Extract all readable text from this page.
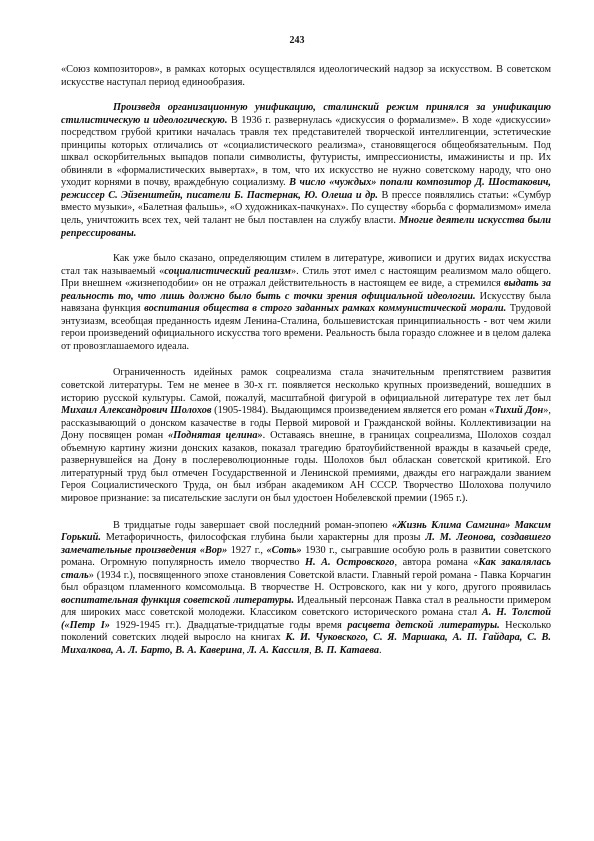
243

«Союз композиторов», в рамках которых осуществлялся идеологический надзор за искусством. В советском искусстве наступал период единообразия.

Произведя организационную унификацию, сталинский режим принялся за унификацию стилистическую и идеологическую. В 1936 г. развернулась «дискуссия о формализме». В ходе «дискуссии» посредством грубой критики началась травля тех представителей творческой интеллигенции, эстетические принципы которых отличались от «социалистического реализма», становящегося общеобязательным. Под шквал оскорбительных выпадов попали символисты, футуристы, импрессионисты, имажинисты и пр. Их обвиняли в «формалистических вывертах», в том, что их искусство не нужно советскому народу, что оно уходит корнями в почву, враждебную социализму. В число «чуждых» попали композитор Д. Шостакович, режиссер С. Эйзенштейн, писатели Б. Пастернак, Ю. Олеша и др. В прессе появлялись статьи: «Сумбур вместо музыки», «Балетная фальшь», «О художниках-пачкунах». По существу «борьба с формализмом» имела цель, уничтожить всех тех, чей талант не был поставлен на службу власти. Многие деятели искусства были репрессированы.

Как уже было сказано, определяющим стилем в литературе, живописи и других видах искусства стал так называемый «социалистический реализм». Стиль этот имел с настоящим реализмом мало общего. При внешнем «жизнеподобии» он не отражал действительность в настоящем ее виде, а стремился выдать за реальность то, что лишь должно было быть с точки зрения официальной идеологии. Искусству была навязана функция воспитания общества в строго заданных рамках коммунистической морали. Трудовой энтузиазм, всеобщая преданность идеям Ленина-Сталина, большевистская принципиальность - вот чем жили герои произведений официального искусства того времени. Реальность была гораздо сложнее и в целом далека от провозглашаемого идеала.

Ограниченность идейных рамок соцреализма стала значительным препятствием развития советской литературы. Тем не менее в 30-х гг. появляется несколько крупных произведений, вошедших в историю русской культуры. Самой, пожалуй, масштабной фигурой в официальной литературе тех лет был Михаил Александрович Шолохов (1905-1984). Выдающимся произведением является его роман «Тихий Дон», рассказывающий о донском казачестве в годы Первой мировой и Гражданской войны. Коллективизации на Дону посвящен роман «Поднятая целина». Оставаясь внешне, в границах соцреализма, Шолохов создал объемную картину жизни донских казаков, показал трагедию братоубийственной вражды в казачьей среде, развернувшейся на Дону в послереволюционные годы. Шолохов был обласкан советской критикой. Его литературный труд был отмечен Государственной и Ленинской премиями, дважды его награждали званием Героя Социалистического Труда, он был избран академиком АН СССР. Творчество Шолохова получило мировое признание: за писательские заслуги он был удостоен Нобелевской премии (1965 г.).

В тридцатые годы завершает свой последний роман-эпопею «Жизнь Клима Самгина» Максим Горький. Метафоричность, философская глубина были характерны для прозы Л. М. Леонова, создавшего замечательные произведения «Вор» 1927 г., «Соть» 1930 г., сыгравшие особую роль в развитии советского романа. Огромную популярность имело творчество Н. А. Островского, автора романа «Как закалялась сталь» (1934 г.), посвященного эпохе становления Советской власти. Главный герой романа - Павка Корчагин был образцом пламенного комсомольца. В творчестве Н. Островского, как ни у кого, другого проявилась воспитательная функция советской литературы. Идеальный персонаж Павка стал в реальности примером для широких масс советской молодежи. Классиком советского исторического романа стал А. Н. Толстой («Петр I» 1929-1945 гг.). Двадцатые-тридцатые годы время расцвета детской литературы. Несколько поколений советских людей выросло на книгах К. И. Чуковского, С. Я. Маршака, А. П. Гайдара, С. В. Михалкова, А. Л. Барто, В. А. Каверина, Л. А. Кассиля, В. П. Катаева.
